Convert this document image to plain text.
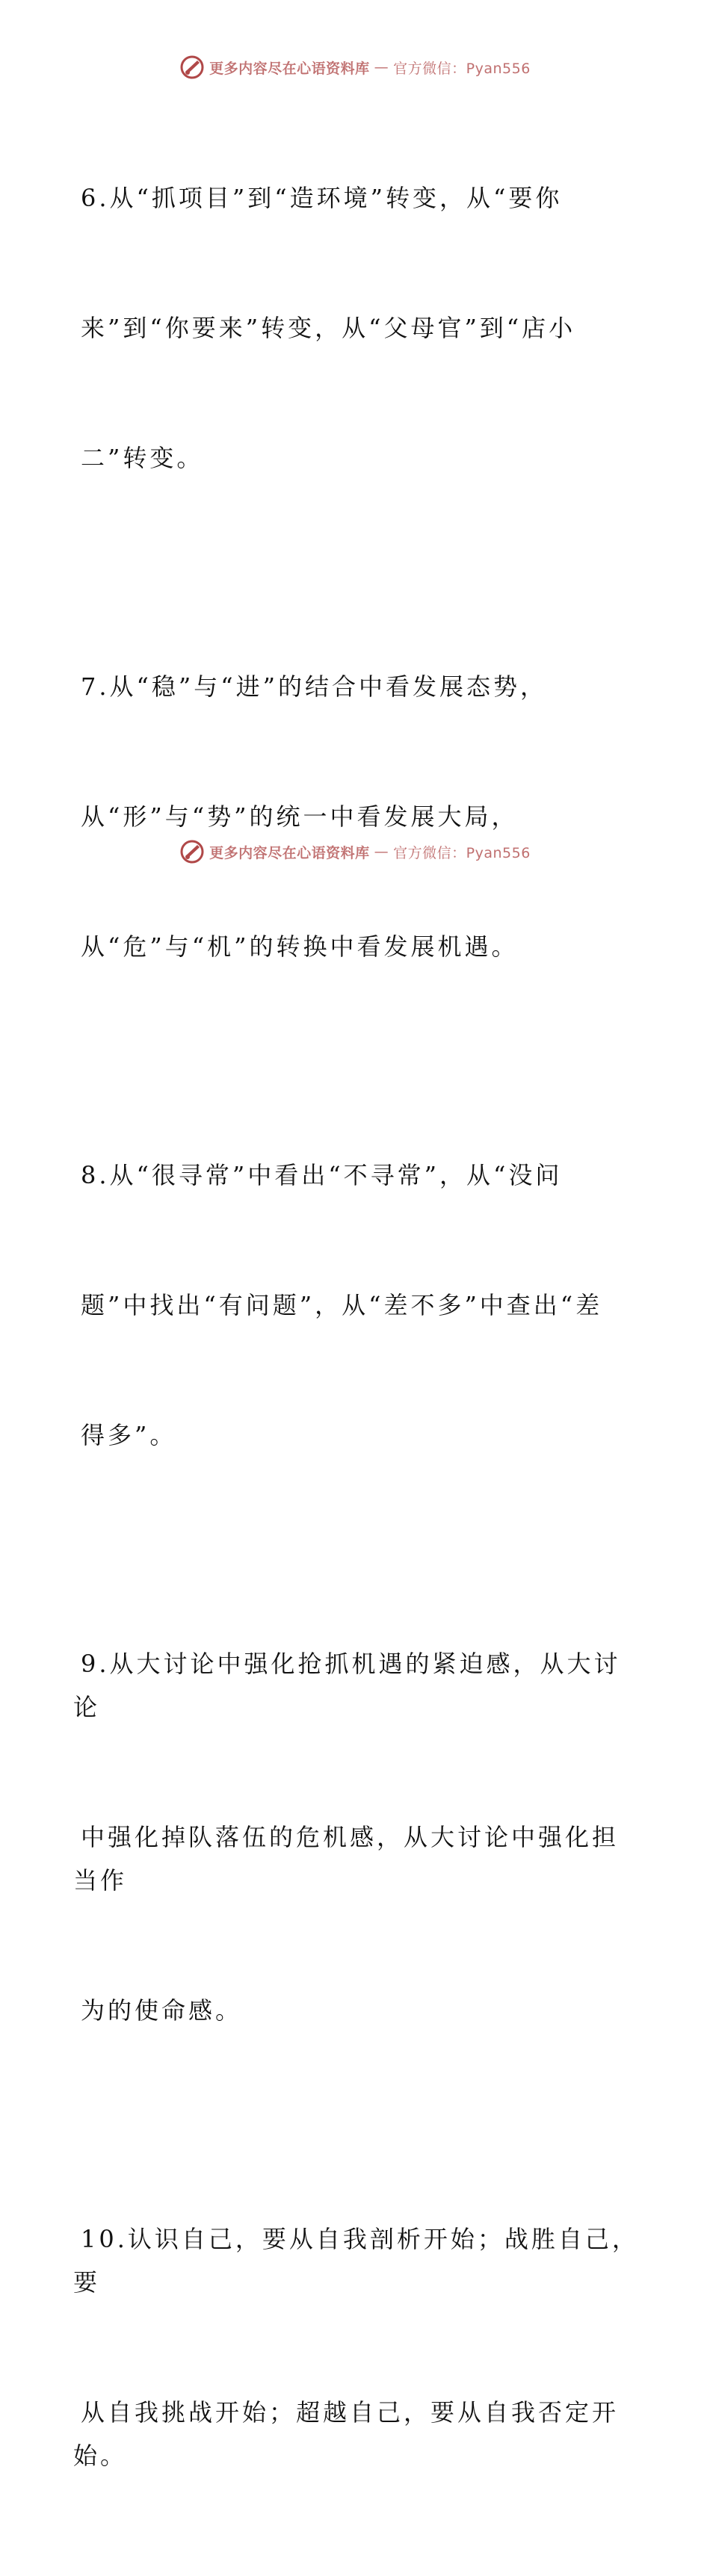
更多内容尽在心语资料库 — 官方微信：Pyan556

6.从“抓项目”到“造环境”转变，从“要你

来”到“你要来”转变，从“父母官”到“店小

二”转变。

7.从“稳”与“进”的结合中看发展态势，

从“形”与“势”的统一中看发展大局，

从“危”与“机”的转换中看发展机遇。

8.从“很寻常”中看出“不寻常”，从“没问

题”中找出“有问题”，从“差不多”中查出“差

得多”。

9.从大讨论中强化抢抓机遇的紧迫感，从大讨论

中强化掉队落伍的危机感，从大讨论中强化担当作

为的使命感。

10.认识自己，要从自我剖析开始；战胜自己，要

从自我挑战开始；超越自己，要从自我否定开始。

更多内容尽在心语资料库 — 官方微信：Pyan556
